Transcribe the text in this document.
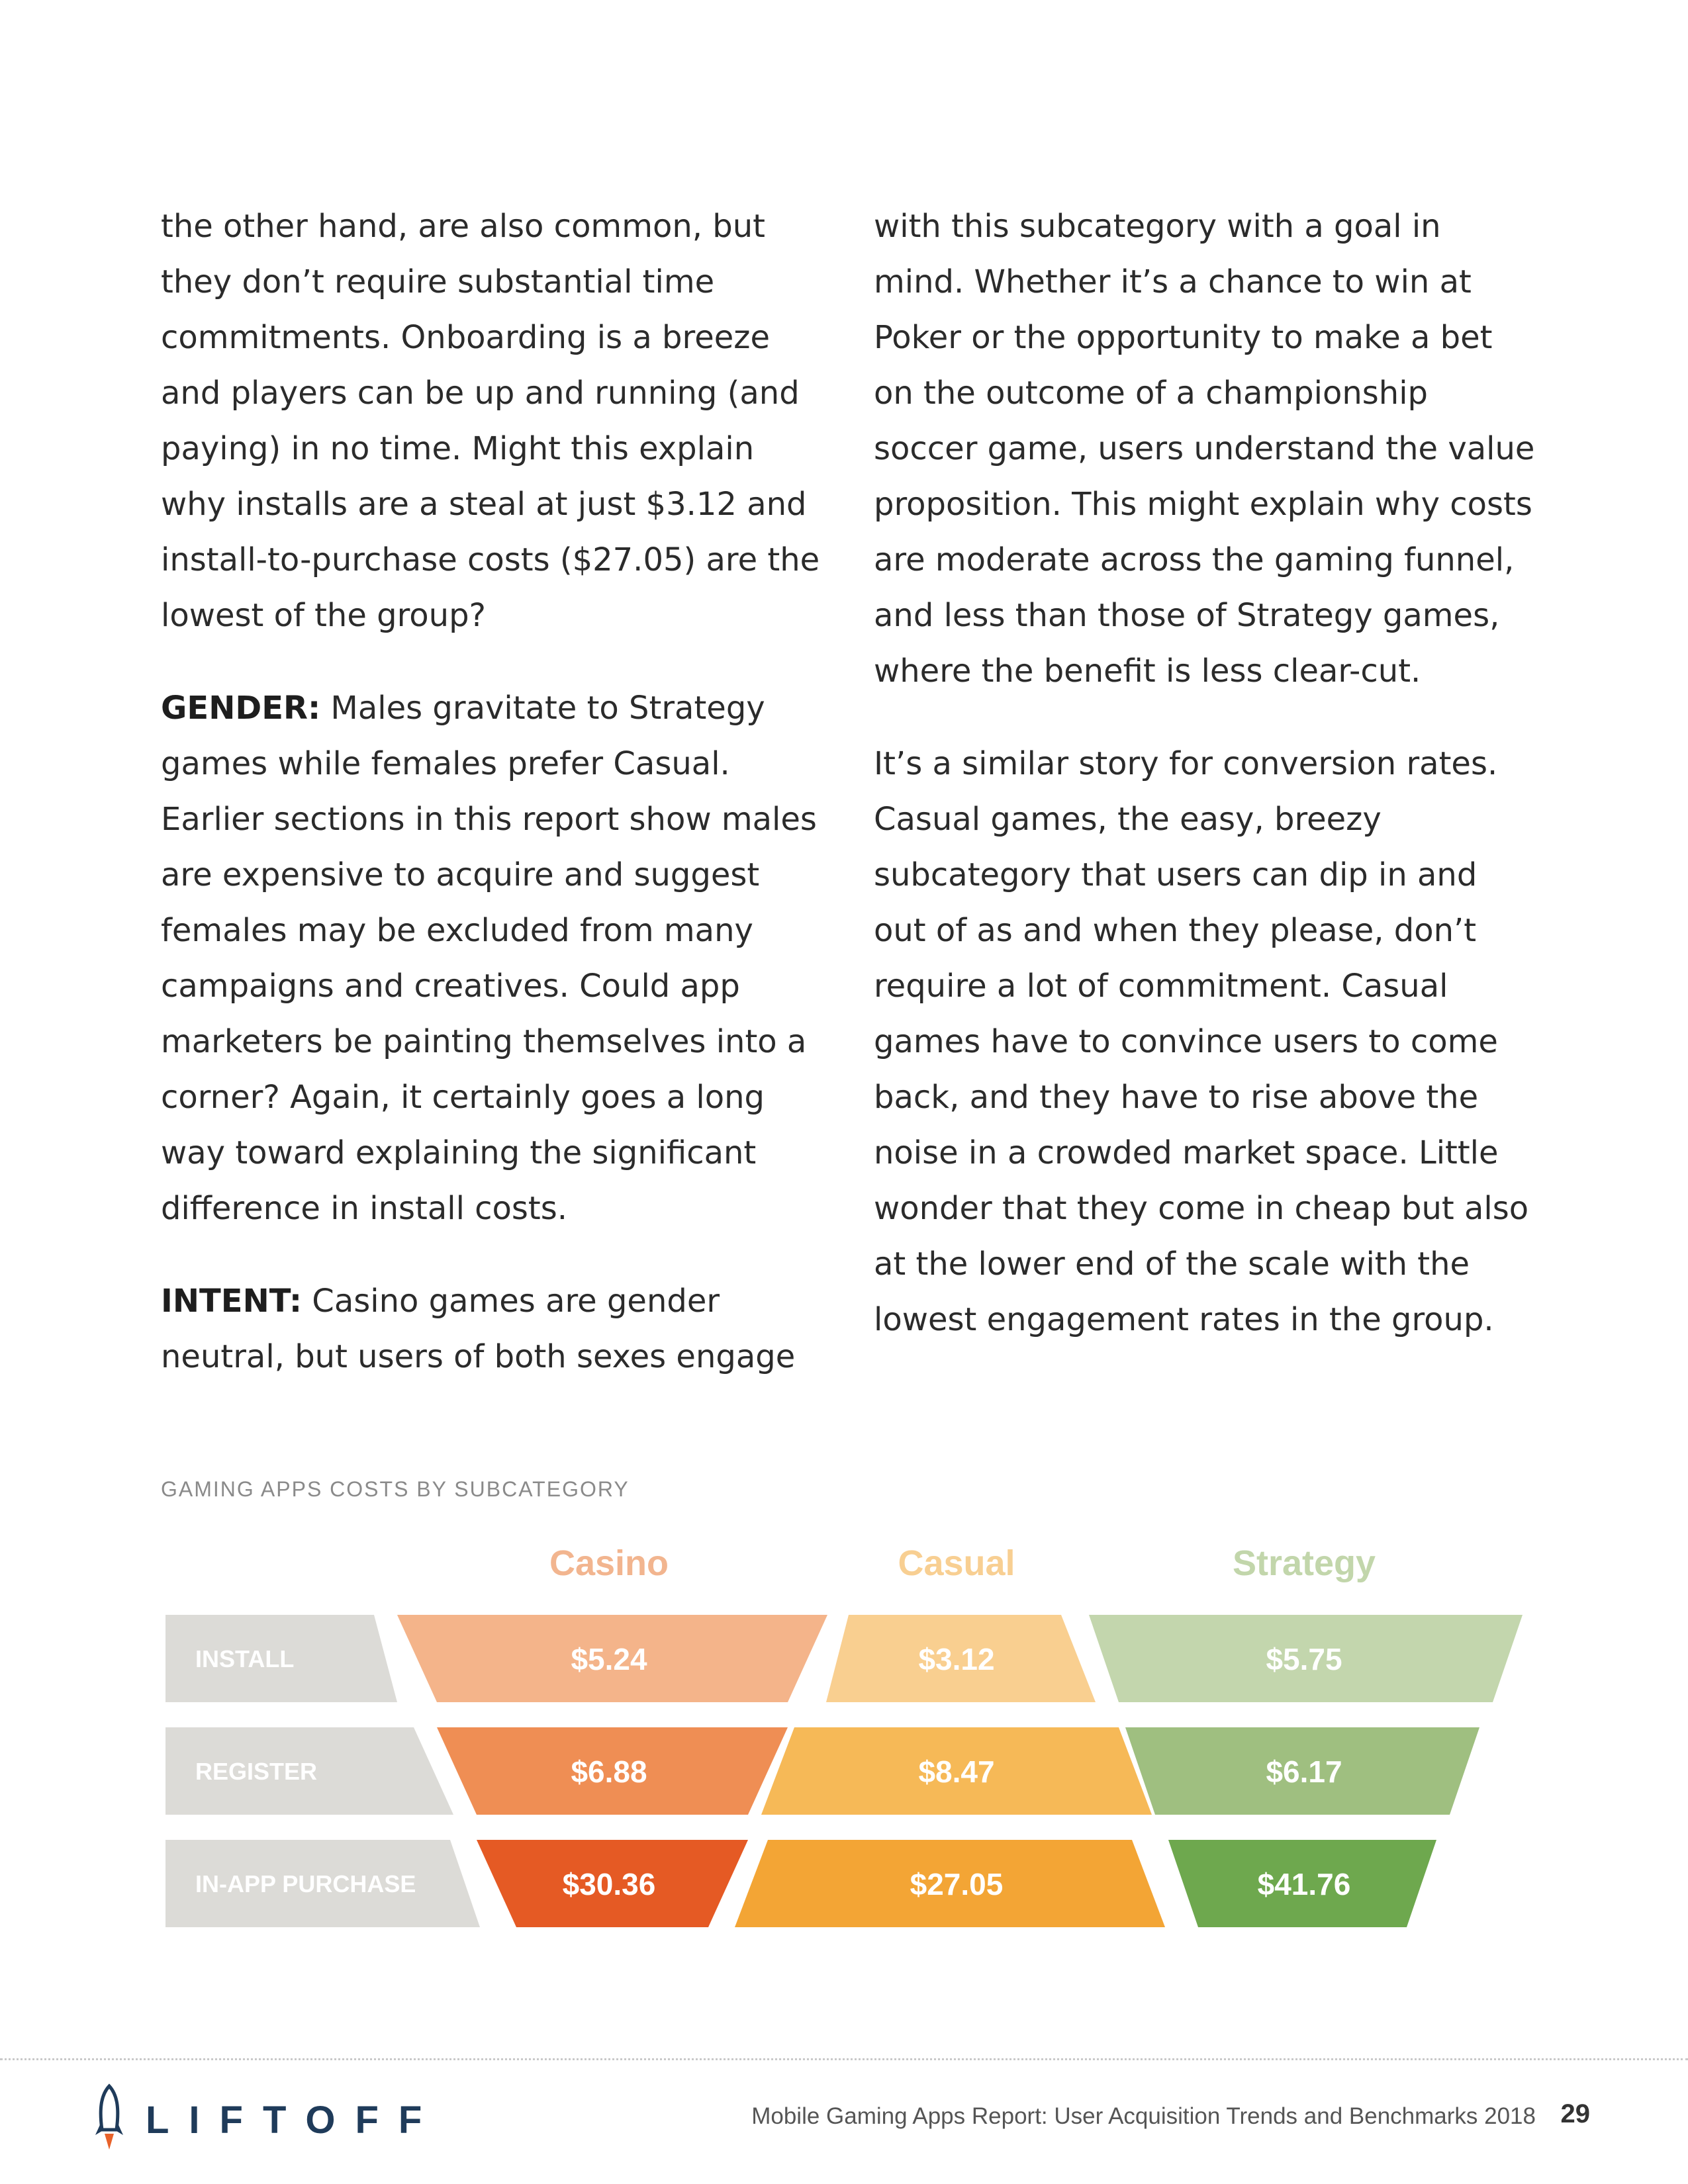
the other hand, are also common, but they don’t require substantial time commitments. Onboarding is a breeze and players can be up and running (and paying) in no time. Might this explain why installs are a steal at just $3.12 and install-to-purchase costs ($27.05) are the lowest of the group?

GENDER: Males gravitate to Strategy games while females prefer Casual. Earlier sections in this report show males are expensive to acquire and suggest females may be excluded from many campaigns and creatives. Could app marketers be painting themselves into a corner? Again, it certainly goes a long way toward explaining the significant difference in install costs.

INTENT: Casino games are gender neutral, but users of both sexes engage

with this subcategory with a goal in mind. Whether it’s a chance to win at Poker or the opportunity to make a bet on the outcome of a championship soccer game, users understand the value proposition. This might explain why costs are moderate across the gaming funnel, and less than those of Strategy games, where the benefit is less clear-cut.

It’s a similar story for conversion rates. Casual games, the easy, breezy subcategory that users can dip in and out of as and when they please, don’t require a lot of commitment. Casual games have to convince users to come back, and they have to rise above the noise in a crowded market space. Little wonder that they come in cheap but also at the lower end of the scale with the lowest engagement rates in the group.

GAMING APPS COSTS BY SUBCATEGORY
INSTALL
REGISTER
IN-APP PURCHASE
Casino
$5.24
$6.88
$30.36
Casual
$3.12
$8.47
$27.05
Strategy
$5.75
$6.17
$41.76
LIFTOFF	Mobile Gaming Apps Report: User Acquisition Trends and Benchmarks 2018 29
